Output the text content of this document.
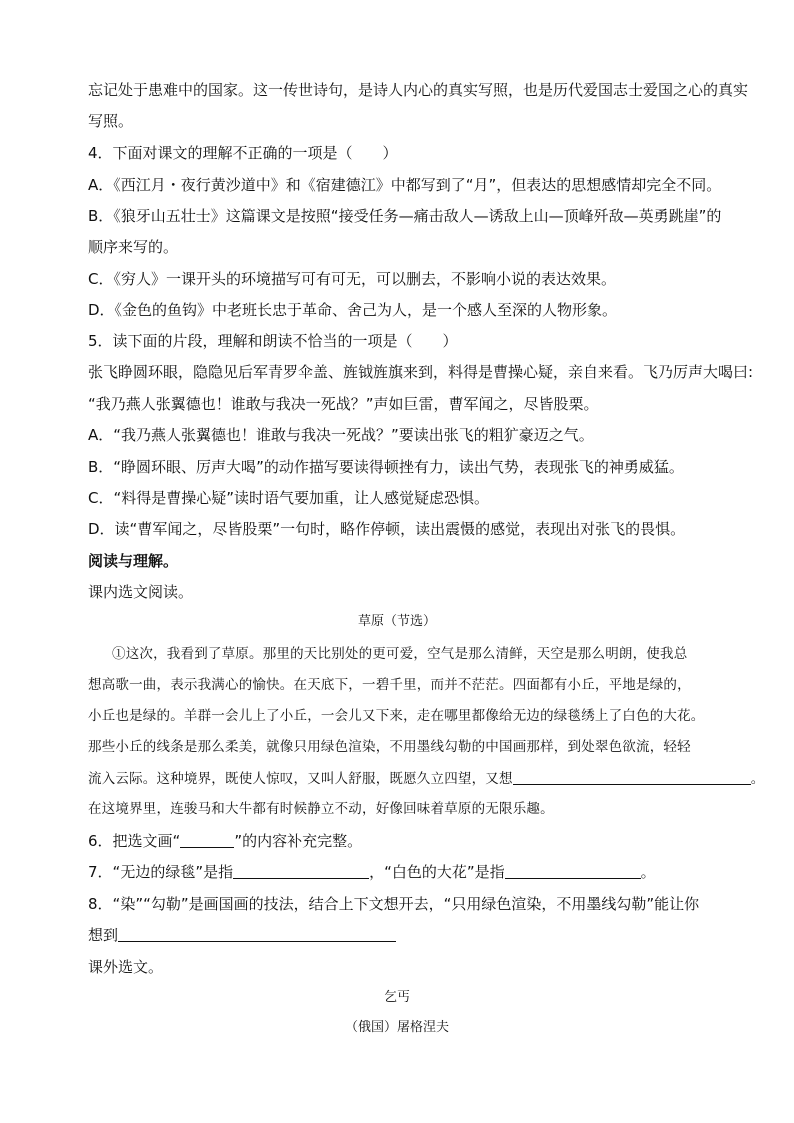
忘记处于患难中的国家。这一传世诗句，是诗人内心的真实写照，也是历代爱国志士爱国之心的真实
写照。
4．下面对课文的理解不正确的一项是（　　）
A．《西江月・夜行黄沙道中》和《宿建德江》中都写到了“月”，但表达的思想感情却完全不同。
B．《狼牙山五壮士》这篇课文是按照“接受任务—痛击敌人—诱敌上山—顶峰歼敌—英勇跳崖”的
顺序来写的。
C．《穷人》一课开头的环境描写可有可无，可以删去，不影响小说的表达效果。
D．《金色的鱼钩》中老班长忠于革命、舍己为人，是一个感人至深的人物形象。
5．读下面的片段，理解和朗读不恰当的一项是（　　）
张飞睁圆环眼，隐隐见后军青罗伞盖、旌钺旌旗来到，料得是曹操心疑，亲自来看。飞乃厉声大喝曰:
“我乃燕人张翼德也！谁敢与我决一死战？”声如巨雷，曹军闻之，尽皆股栗。
A．“我乃燕人张翼德也！谁敢与我决一死战？”要读出张飞的粗犷豪迈之气。
B．“睁圆环眼、厉声大喝”的动作描写要读得顿挫有力，读出气势，表现张飞的神勇威猛。
C．“料得是曹操心疑”读时语气要加重，让人感觉疑虑恐惧。
D．读“曹军闻之，尽皆股栗”一句时，略作停顿，读出震慑的感觉，表现出对张飞的畏惧。
阅读与理解。
课内选文阅读。
草原（节选）
①这次，我看到了草原。那里的天比别处的更可爱，空气是那么清鲜，天空是那么明朗，使我总
想高歌一曲，表示我满心的愉快。在天底下，一碧千里，而并不茫茫。四面都有小丘，平地是绿的，
小丘也是绿的。羊群一会儿上了小丘，一会儿又下来，走在哪里都像给无边的绿毯绣上了白色的大花。
那些小丘的线条是那么柔美，就像只用绿色渲染，不用墨线勾勒的中国画那样，到处翠色欲流，轻轻
流入云际。这种境界，既使人惊叹，又叫人舒服，既愿久立四望，又想	。
在这境界里，连骏马和大牛都有时候静立不动，好像回味着草原的无限乐趣。
6．把选文画“	”的内容补充完整。
7．“无边的绿毯”是指	，“白色的大花”是指	。
8．“染”“勾勒”是画国画的技法，结合上下文想开去，“只用绿色渲染，不用墨线勾勒”能让你
想到
课外选文。
乞丐
（俄国）屠格涅夫
